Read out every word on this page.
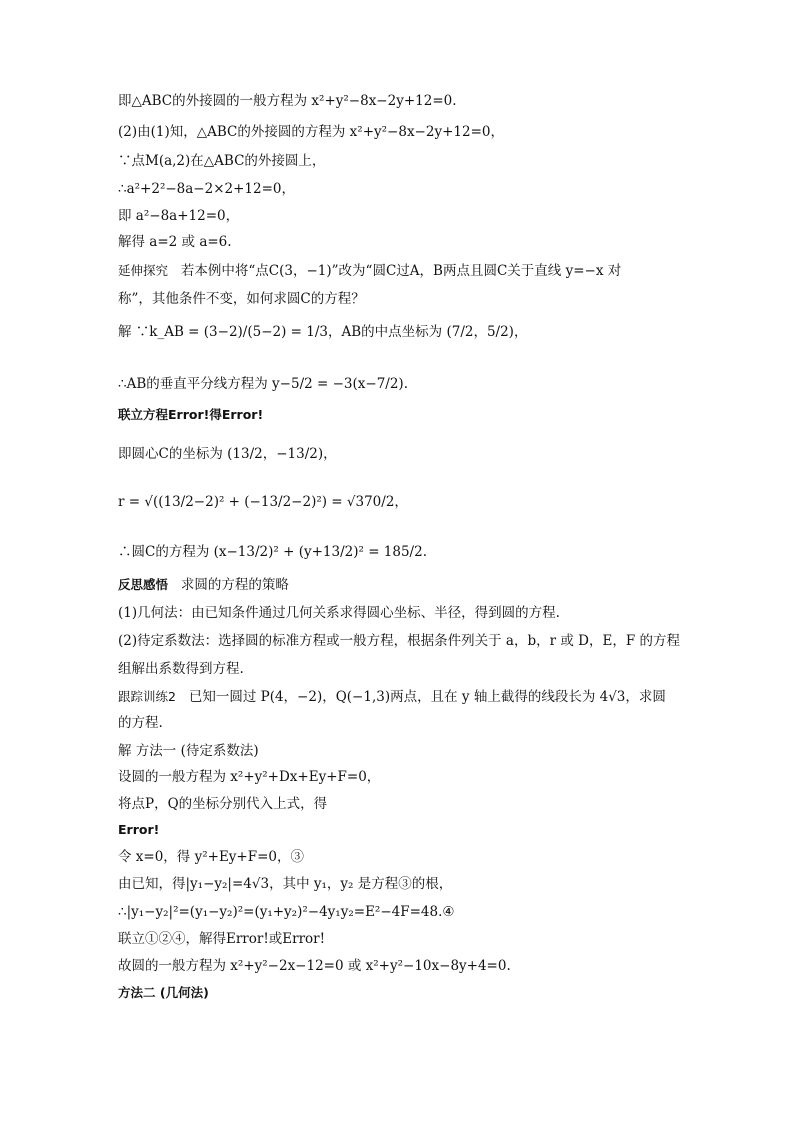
即△ABC的外接圆的一般方程为 x²+y²−8x−2y+12=0.
(2)由(1)知，△ABC的外接圆的方程为 x²+y²−8x−2y+12=0，
∵点M(a,2)在△ABC的外接圆上，
∴a²+2²−8a−2×2+12=0，
即 a²−8a+12=0，
解得 a=2 或 a=6.
延伸探究 若本例中将“点C(3，−1)”改为“圆C过A，B两点且圆C关于直线 y=−x 对
称”，其他条件不变，如何求圆C的方程？
解 ∵k_AB = (3−2)/(5−2) = 1/3，AB的中点坐标为 (7/2，5/2)，
∴AB的垂直平分线方程为 y−5/2 = −3(x−7/2).
联立方程Error!得Error!
即圆心C的坐标为 (13/2，−13/2)，
r = √((13/2−2)² + (−13/2−2)²) = √370/2，
∴圆C的方程为 (x−13/2)² + (y+13/2)² = 185/2.
反思感悟 求圆的方程的策略
(1)几何法：由已知条件通过几何关系求得圆心坐标、半径，得到圆的方程.
(2)待定系数法：选择圆的标准方程或一般方程，根据条件列关于 a，b，r 或 D，E，F 的方程
组解出系数得到方程.
跟踪训练2 已知一圆过 P(4，−2)，Q(−1,3)两点，且在 y 轴上截得的线段长为 4√3，求圆
的方程.
解 方法一 (待定系数法)
设圆的一般方程为 x²+y²+Dx+Ey+F=0，
将点P，Q的坐标分别代入上式，得
Error!
令 x=0，得 y²+Ey+F=0，③
由已知，得|y₁−y₂|=4√3，其中 y₁，y₂ 是方程③的根，
∴|y₁−y₂|²=(y₁−y₂)²=(y₁+y₂)²−4y₁y₂=E²−4F=48.④
联立①②④，解得Error!或Error!
故圆的一般方程为 x²+y²−2x−12=0 或 x²+y²−10x−8y+4=0.
方法二 (几何法)
